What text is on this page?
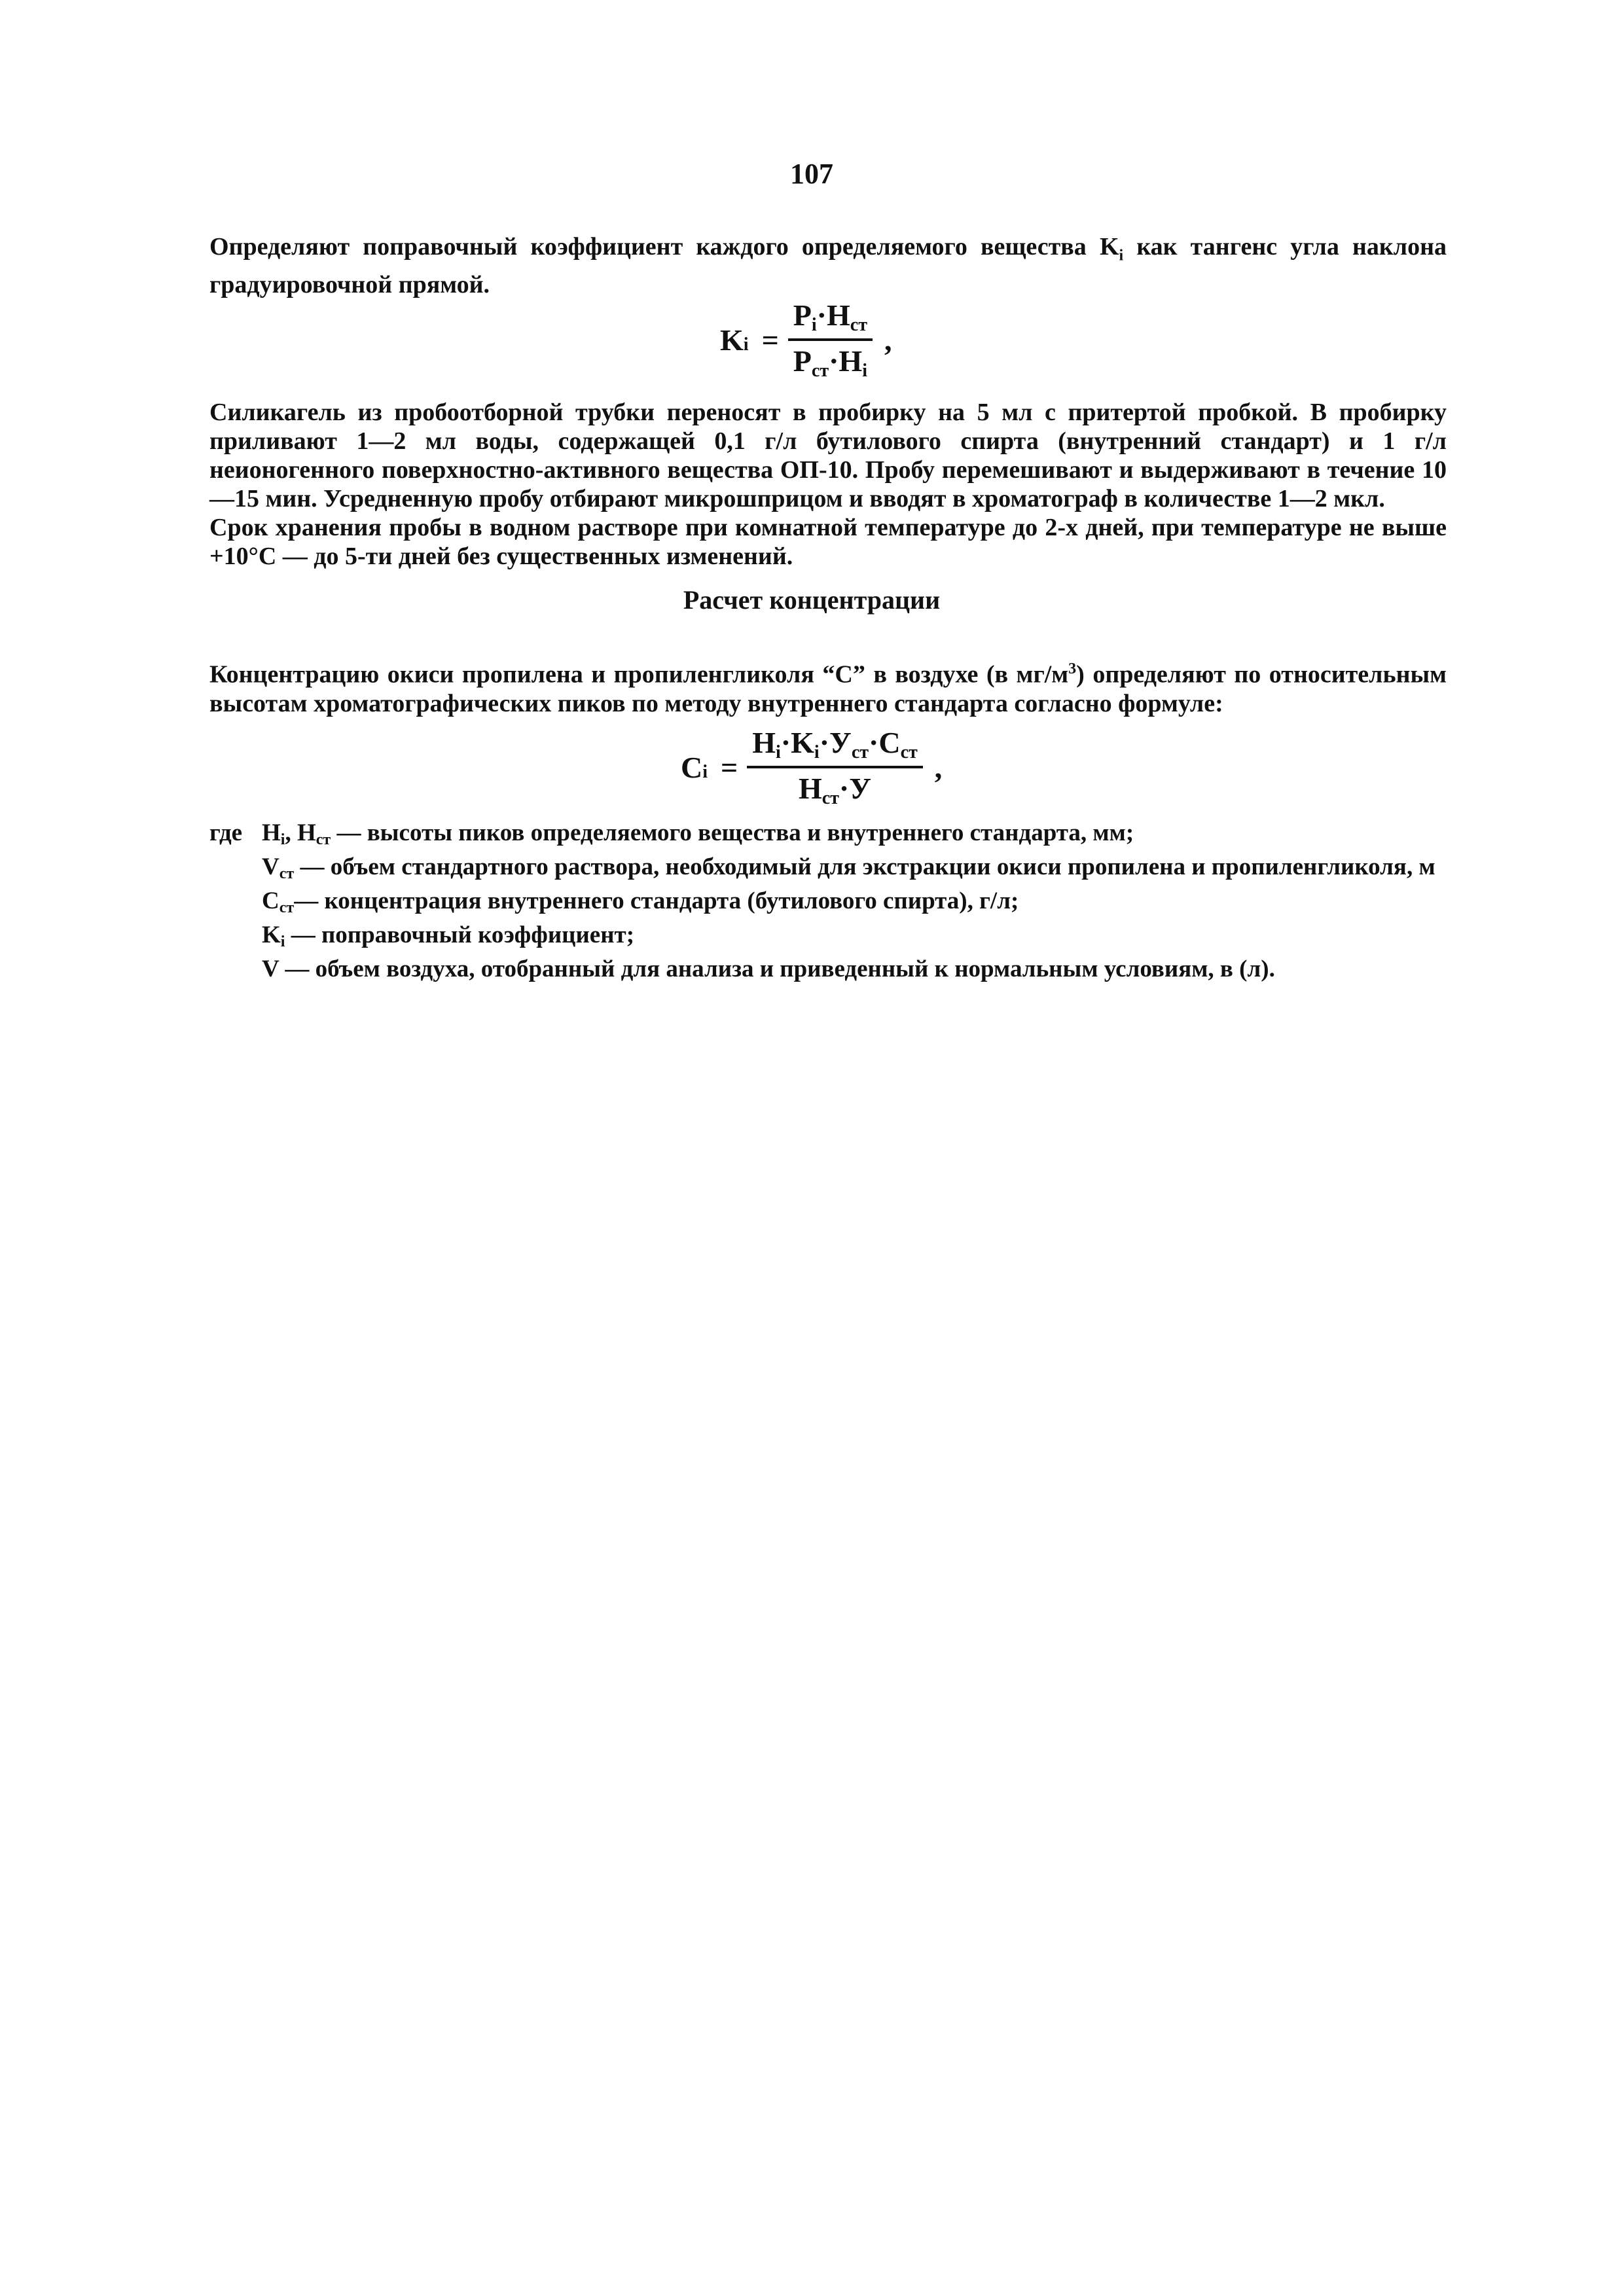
107

Определяют поправочный коэффициент каждого определяемого вещества $K_i$ как тангенс угла наклона градуировочной прямой.

K $i = \frac{P_i\cdot H_{ст}}{P_{ст}\cdot H_i}$ ,

Силикагель из пробоотборной трубки переносят в пробирку на 5 мл с притертой пробкой. В пробирку приливают 1—2 мл воды, содержащей 0,1 г/л бутилового спирта (внутренний стандарт) и 1 г/л неионогенного поверхностно-активного вещества ОП-10. Пробу перемешивают и выдерживают в течение 10—15 мин. Усредненную пробу отбирают микрошприцом и вводят в хроматограф в количестве 1—2 мкл.

Срок хранения пробы в водном растворе при комнатной температуре до 2-х дней, при температуре не выше +10°C — до 5-ти дней без существенных изменений.

Расчет концентрации

Концентрацию окиси пропилена и пропиленгликоля “C” в воздухе (в $мг/м^3$) определяют по относительным высотам хроматографических пиков по методу внутреннего стандарта согласно формуле:

C $i = \frac{H_i\cdot K_i\cdot У_{ст}\cdot C_{ст}}{H_{ст}\cdot У}$ ,
где $H_i$, $H_{ст}$ — высоты пиков определяемого вещества и внутреннего стандарта, мм;
$V_{ст}$ — объем стандартного раствора, необходимый для экстракции окиси пропилена и пропиленгликоля, м
$C_{ст}—$ концентрация внутреннего стандарта (бутилового спирта), г/л;
$K_i$ — поправочный коэффициент;
V — объем воздуха, отобранный для анализа и приведенный к нормальным условиям, в (л).
